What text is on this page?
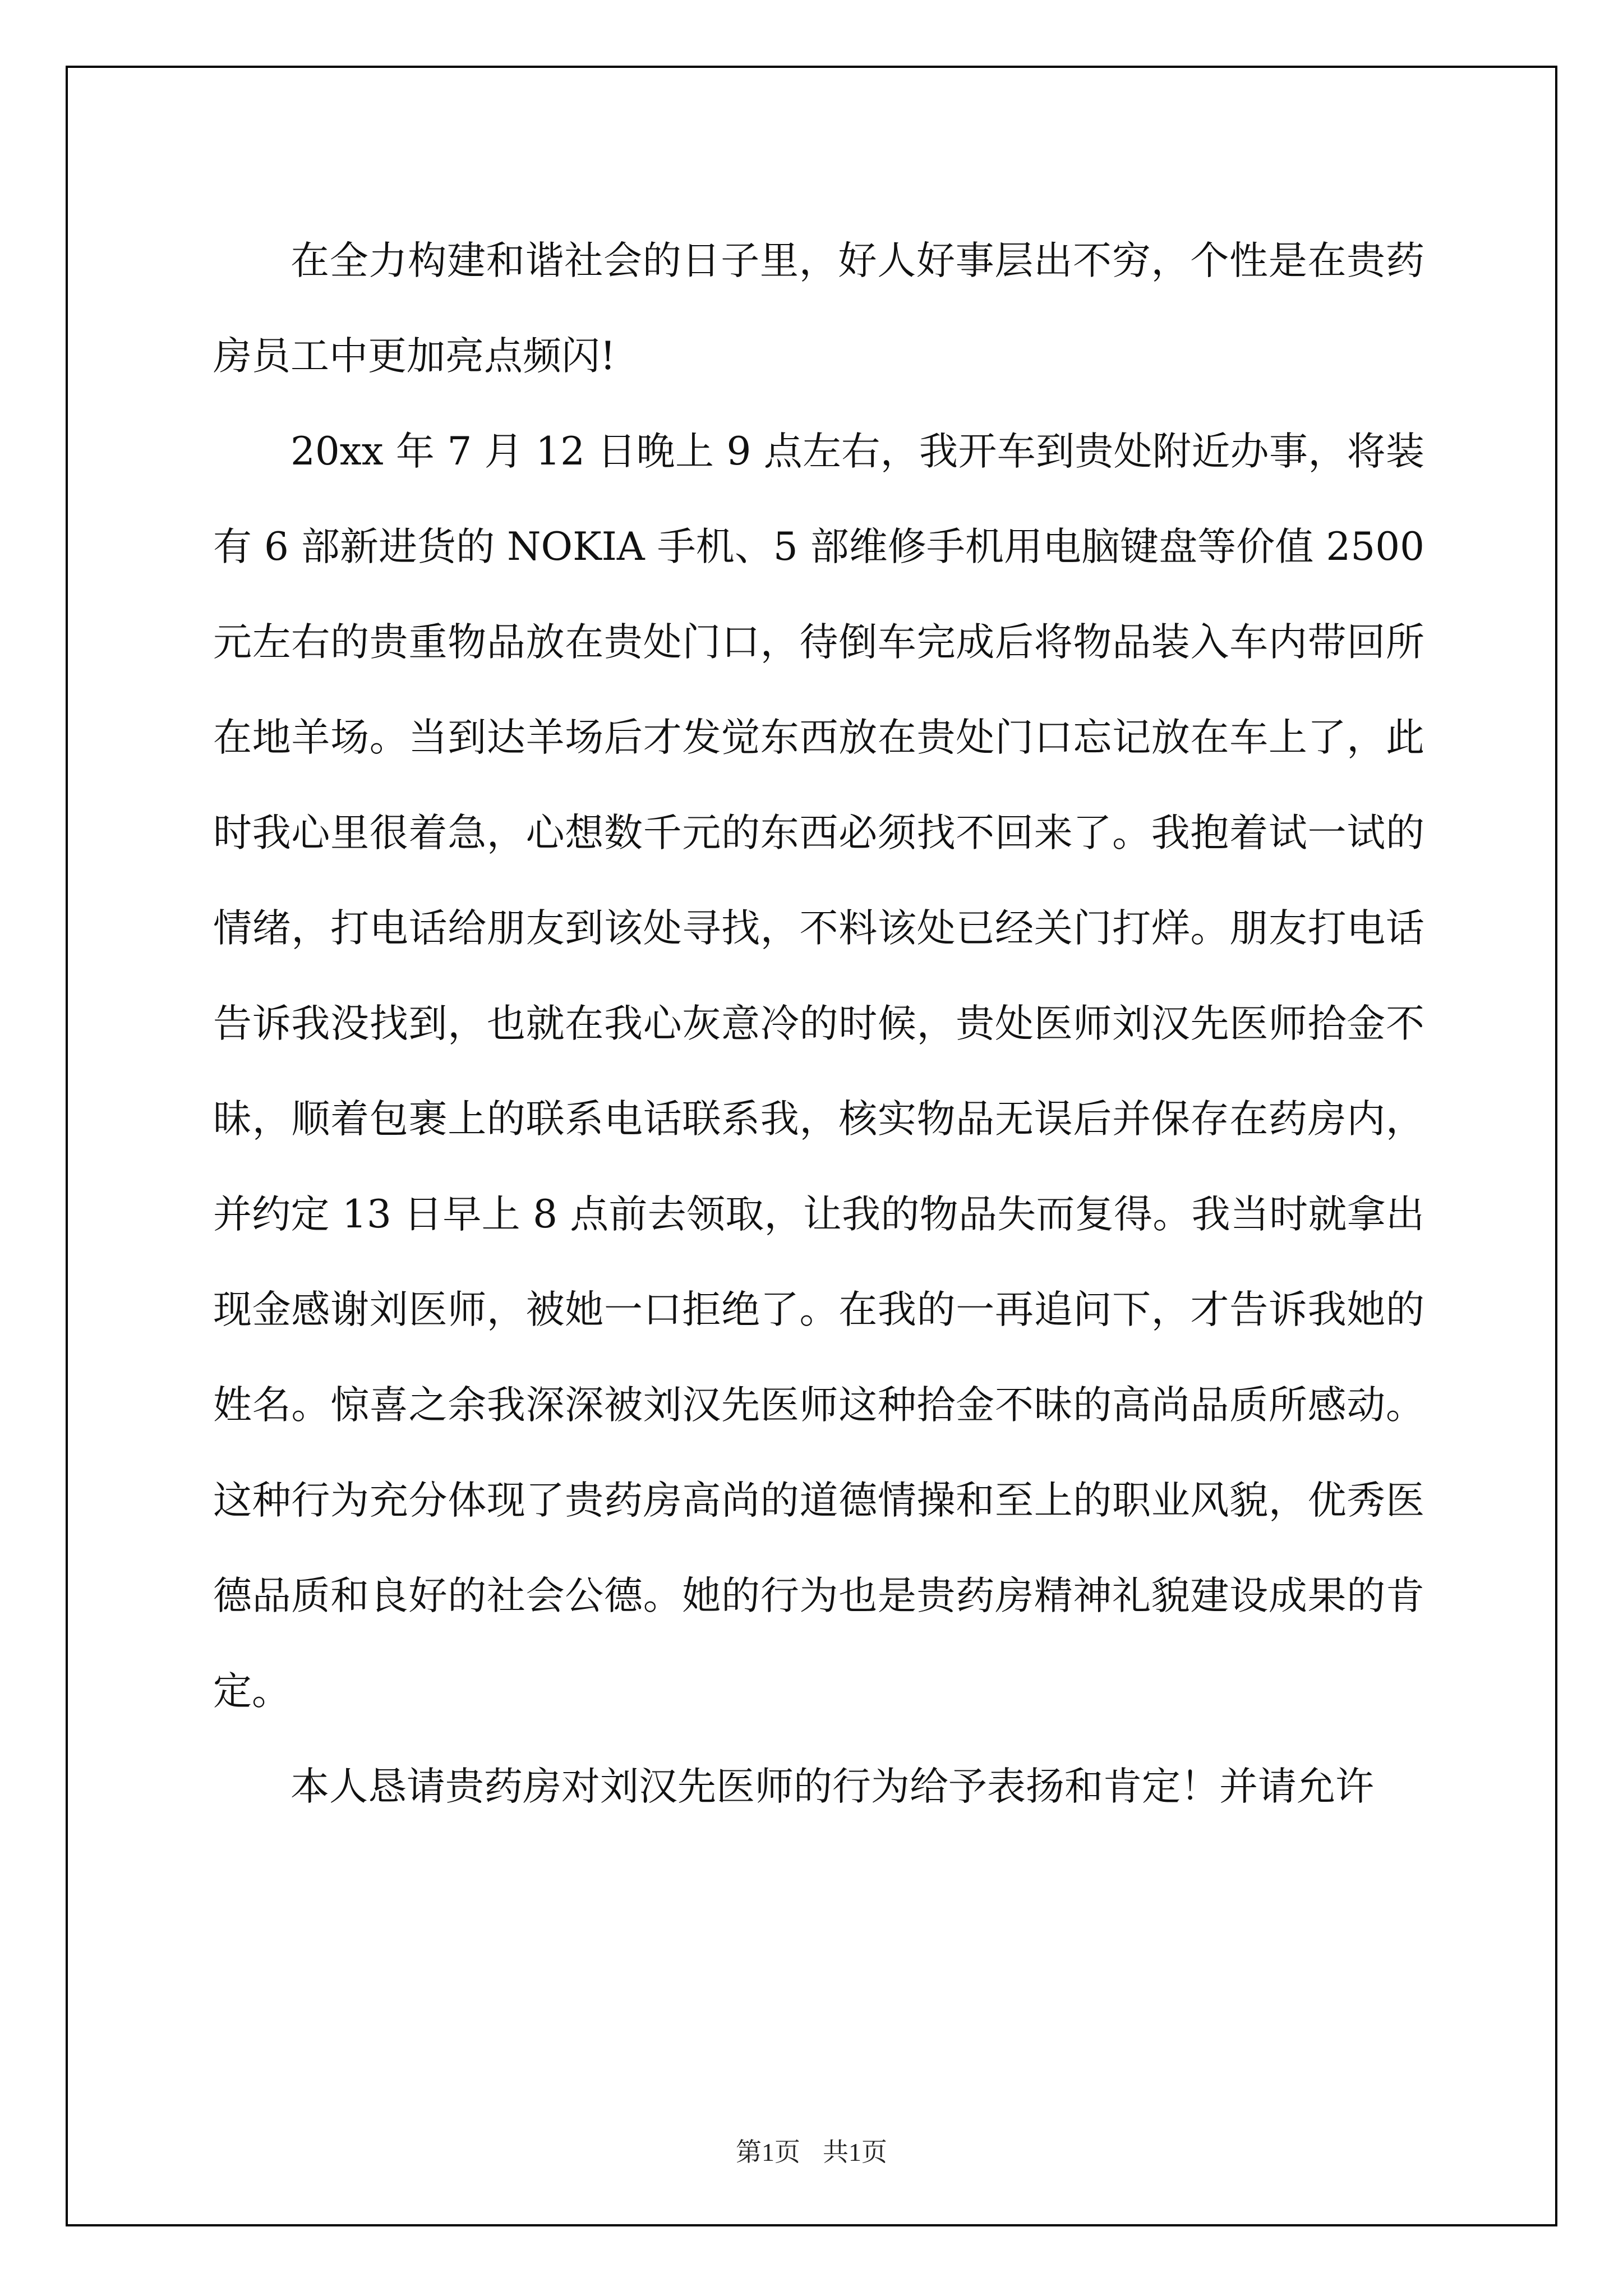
在全力构建和谐社会的日子里，好人好事层出不穷，个性是在贵药房员工中更加亮点频闪!

20xx 年 7 月 12 日晚上 9 点左右，我开车到贵处附近办事，将装有 6 部新进货的 NOKIA 手机、5 部维修手机用电脑键盘等价值 2500 元左右的贵重物品放在贵处门口，待倒车完成后将物品装入车内带回所在地羊场。当到达羊场后才发觉东西放在贵处门口忘记放在车上了，此时我心里很着急，心想数千元的东西必须找不回来了。我抱着试一试的情绪，打电话给朋友到该处寻找，不料该处已经关门打烊。朋友打电话告诉我没找到，也就在我心灰意冷的时候，贵处医师刘汉先医师拾金不昧，顺着包裹上的联系电话联系我，核实物品无误后并保存在药房内，并约定 13 日早上 8 点前去领取，让我的物品失而复得。我当时就拿出现金感谢刘医师，被她一口拒绝了。在我的一再追问下，才告诉我她的姓名。惊喜之余我深深被刘汉先医师这种拾金不昧的高尚品质所感动。这种行为充分体现了贵药房高尚的道德情操和至上的职业风貌，优秀医德品质和良好的社会公德。她的行为也是贵药房精神礼貌建设成果的肯定。

本人恳请贵药房对刘汉先医师的行为给予表扬和肯定！并请允许

第1页 共1页
